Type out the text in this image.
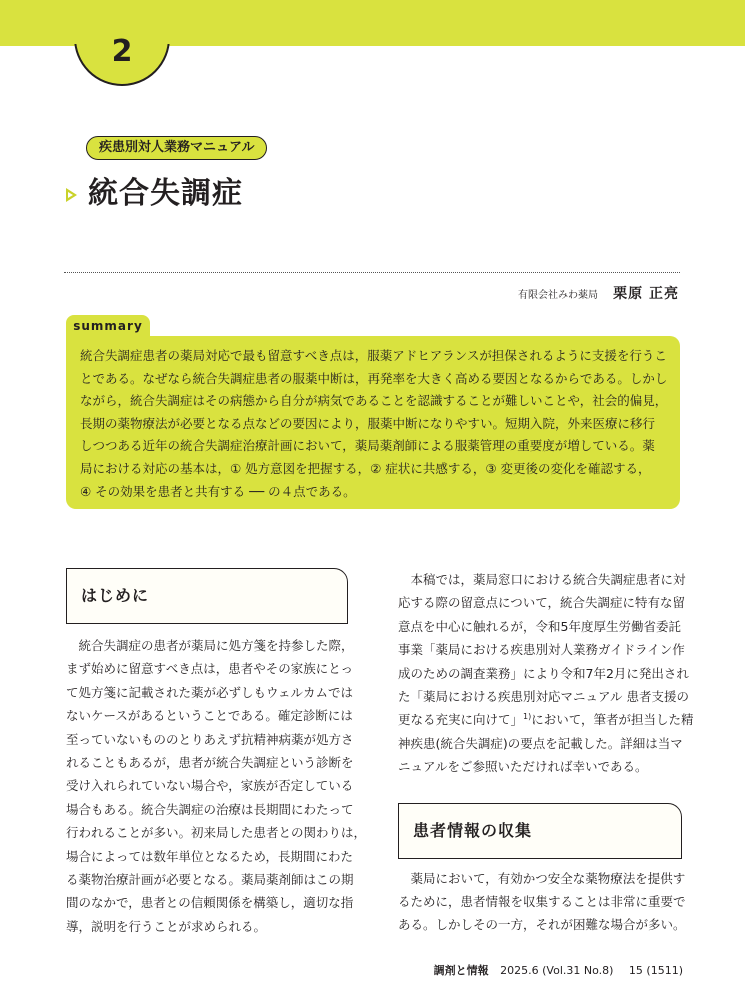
2
疾患別対人業務マニュアル
統合失調症
有限会社みわ薬局 栗原 正亮
summary

統合失調症患者の薬局対応で最も留意すべき点は，服薬アドヒアランスが担保されるように支援を行うこ

とである。なぜなら統合失調症患者の服薬中断は，再発率を大きく高める要因となるからである。しかし

ながら，統合失調症はその病態から自分が病気であることを認識することが難しいことや，社会的偏見，

長期の薬物療法が必要となる点などの要因により，服薬中断になりやすい。短期入院，外来医療に移行

しつつある近年の統合失調症治療計画において，薬局薬剤師による服薬管理の重要度が増している。薬

局における対応の基本は，① 処方意図を把握する，② 症状に共感する，③ 変更後の変化を確認する，

④ その効果を患者と共有する ── の４点である。

はじめに

　統合失調症の患者が薬局に処方箋を持参した際，

まず始めに留意すべき点は，患者やその家族にとっ

て処方箋に記載された薬が必ずしもウェルカムでは

ないケースがあるということである。確定診断には

至っていないもののとりあえず抗精神病薬が処方さ

れることもあるが，患者が統合失調症という診断を

受け入れられていない場合や，家族が否定している

場合もある。統合失調症の治療は長期間にわたって

行われることが多い。初来局した患者との関わりは，

場合によっては数年単位となるため，長期間にわた

る薬物治療計画が必要となる。薬局薬剤師はこの期

間のなかで，患者との信頼関係を構築し，適切な指

導，説明を行うことが求められる。

　本稿では，薬局窓口における統合失調症患者に対

応する際の留意点について，統合失調症に特有な留

意点を中心に触れるが，令和5年度厚生労働省委託

事業「薬局における疾患別対人業務ガイドライン作

成のための調査業務」により令和7年2月に発出され

た「薬局における疾患別対応マニュアル 患者支援の

更なる充実に向けて」$^{1)}$において，筆者が担当した精

神疾患(統合失調症)の要点を記載した。詳細は当マ

ニュアルをご参照いただければ幸いである。

患者情報の収集

　薬局において，有効かつ安全な薬物療法を提供す

るために，患者情報を収集することは非常に重要で

ある。しかしその一方，それが困難な場合が多い。

調剤と情報 2025.6 (Vol.31 No.8) 15 (1511)
